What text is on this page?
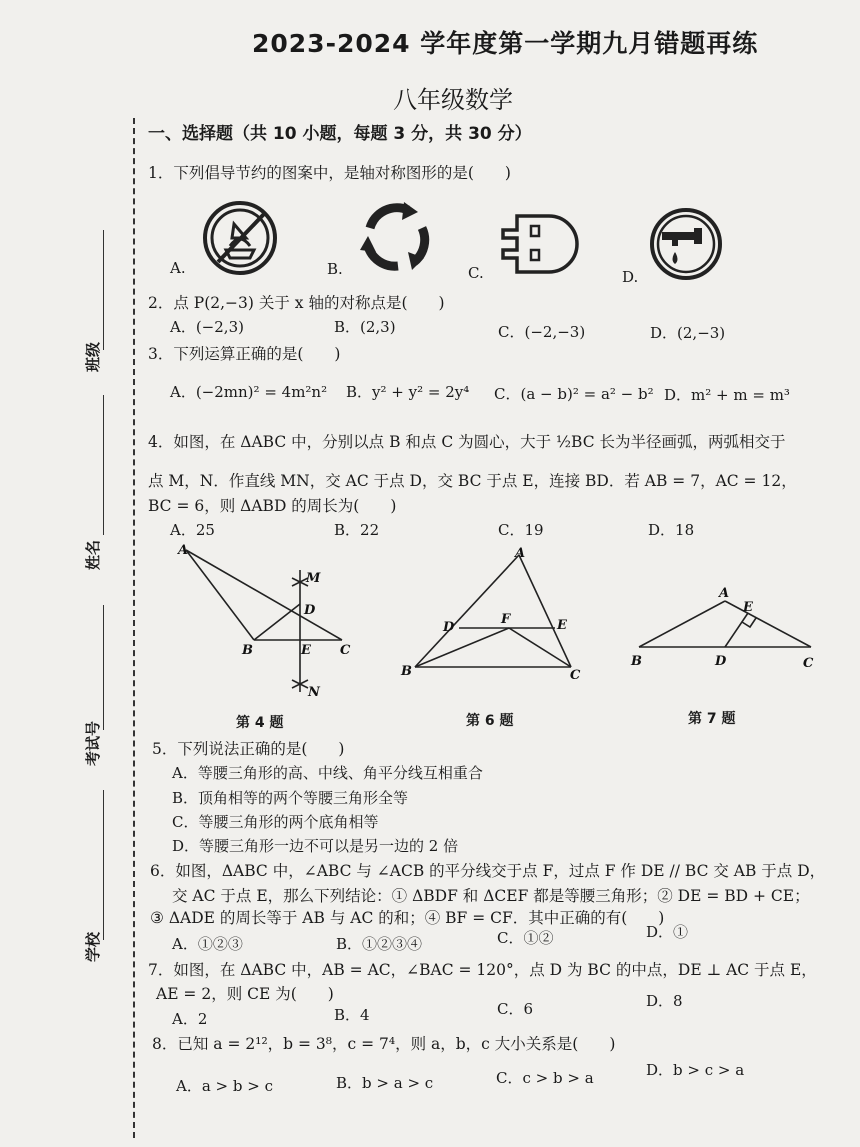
2023-2024 学年度第一学期九月错题再练
八年级数学
班级
姓名
考试号
学校
一、选择题（共 10 小题，每题 3 分，共 30 分）
1．下列倡导节约的图案中，是轴对称图形的是(　　)
A.	B.	C.	D.
2．点 P(2,−3) 关于 x 轴的对称点是(　　)
A．(−2,3)	B．(2,3)	C．(−2,−3)	D．(2,−3)
3．下列运算正确的是(　　)
A．(−2mn)² = 4m²n² B．y² + y² = 2y⁴ C．(a − b)² = a² − b² D．m² + m = m³
4．如图，在 ΔABC 中，分别以点 B 和点 C 为圆心，大于 ½BC 长为半径画弧，两弧相交于
点 M，N．作直线 MN，交 AC 于点 D，交 BC 于点 E，连接 BD．若 AB = 7，AC = 12，
BC = 6，则 ΔABD 的周长为(　　)
A．25	B．22	C．19	D．18
A
B	E C
D
M
N
第 4 题
A
B	C
D
F	E
第 6 题
A
E
B	D	C
第 7 题
5．下列说法正确的是(　　)
A．等腰三角形的高、中线、角平分线互相重合
B．顶角相等的两个等腰三角形全等
C．等腰三角形的两个底角相等
D．等腰三角形一边不可以是另一边的 2 倍
6．如图，ΔABC 中，∠ABC 与 ∠ACB 的平分线交于点 F，过点 F 作 DE // BC 交 AB 于点 D，
交 AC 于点 E，那么下列结论：① ΔBDF 和 ΔCEF 都是等腰三角形；② DE = BD + CE；
③ ΔADE 的周长等于 AB 与 AC 的和；④ BF = CF．其中正确的有(　　)
A．①②③	B．①②③④	C．①②	D．①
7．如图，在 ΔABC 中，AB = AC，∠BAC = 120°，点 D 为 BC 的中点，DE ⊥ AC 于点 E，
AE = 2，则 CE 为(　　)
A．2	B．4	C．6	D．8
8．已知 a = 2¹²，b = 3⁸，c = 7⁴，则 a，b，c 大小关系是(　　)
A．a > b > c	B．b > a > c	C．c > b > a	D．b > c > a
